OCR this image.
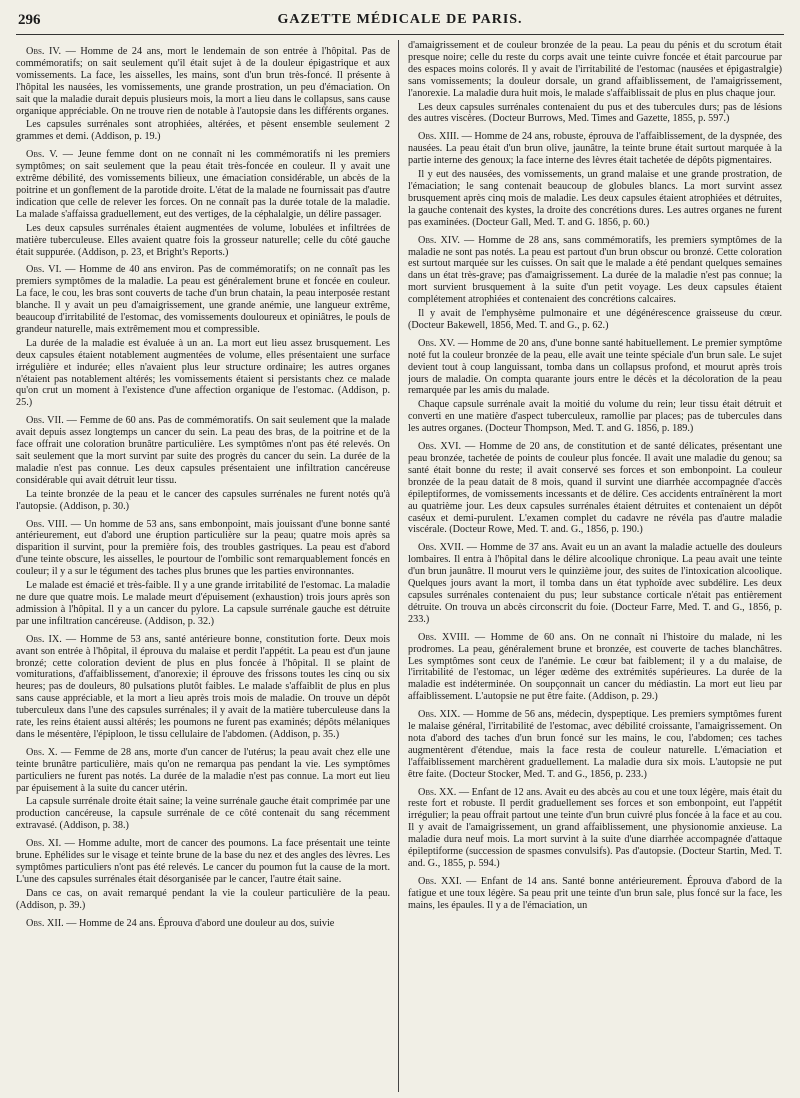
296	GAZETTE MÉDICALE DE PARIS.

Obs. IV. — Homme de 24 ans, mort le lendemain de son entrée à l'hôpital. Pas de commémoratifs; on sait seulement qu'il était sujet à de la douleur épigastrique et aux vomissements. La face, les aisselles, les mains, sont d'un brun très-foncé. Il présente à l'hôpital les nausées, les vomissements, une grande prostration, un peu d'émaciation. On sait que la maladie durait depuis plusieurs mois, la mort a lieu dans le collapsus, sans cause organique appréciable. On ne trouve rien de notable à l'autopsie dans les différents organes.

Les capsules surrénales sont atrophiées, altérées, et pèsent ensemble seulement 2 grammes et demi. (Addison, p. 19.)

Obs. V. — Jeune femme dont on ne connaît ni les commémoratifs ni les premiers symptômes; on sait seulement que la peau était très-foncée en couleur. Il y avait une extrême débilité, des vomissements bilieux, une émaciation considérable, un abcès de la poitrine et un gonflement de la parotide droite. L'état de la malade ne fournissait pas d'autre indication que celle de relever les forces. On ne connaît pas la durée totale de la maladie. La malade s'affaissa graduellement, eut des vertiges, de la céphalalgie, un délire passager.

Les deux capsules surrénales étaient augmentées de volume, lobulées et infiltrées de matière tuberculeuse. Elles avaient quatre fois la grosseur naturelle; celle du côté gauche était suppurée. (Addison, p. 23, et Bright's Reports.)

Obs. VI. — Homme de 40 ans environ. Pas de commémoratifs; on ne connaît pas les premiers symptômes de la maladie. La peau est généralement brune et foncée en couleur. La face, le cou, les bras sont couverts de tache d'un brun chatain, la peau interposée restant blanche. Il y avait un peu d'amaigrissement, une grande anémie, une langueur extrême, beaucoup d'irritabilité de l'estomac, des vomissements douloureux et opiniâtres, le pouls de grandeur naturelle, mais extrêmement mou et compressible.

La durée de la maladie est évaluée à un an. La mort eut lieu assez brusquement. Les deux capsules étaient notablement augmentées de volume, elles présentaient une surface irrégulière et indurée; elles n'avaient plus leur structure ordinaire; les autres organes n'étaient pas notablement altérés; les vomissements étaient si persistants chez ce malade qu'on crut un moment à l'existence d'une affection organique de l'estomac. (Addison, p. 25.)

Obs. VII. — Femme de 60 ans. Pas de commémoratifs. On sait seulement que la malade avait depuis assez longtemps un cancer du sein. La peau des bras, de la poitrine et de la face offrait une coloration brunâtre particulière. Les symptômes n'ont pas été relevés. On sait seulement que la mort survint par suite des progrès du cancer du sein. La durée de la maladie n'est pas connue. Les deux capsules présentaient une infiltration cancéreuse considérable qui avait détruit leur tissu.

La teinte bronzée de la peau et le cancer des capsules surrénales ne furent notés qu'à l'autopsie. (Addison, p. 30.)

Obs. VIII. — Un homme de 53 ans, sans embonpoint, mais jouissant d'une bonne santé antérieurement, eut d'abord une éruption particulière sur la peau; quatre mois après sa disparition il survint, pour la première fois, des troubles gastriques. La peau est d'abord d'une teinte obscure, les aisselles, le pourtour de l'ombilic sont remarquablement foncés en couleur; il y a sur le tégument des taches plus brunes que les parties environnantes.

Le malade est émacié et très-faible. Il y a une grande irritabilité de l'estomac. La maladie ne dure que quatre mois. Le malade meurt d'épuisement (exhaustion) trois jours après son admission à l'hôpital. Il y a un cancer du pylore. La capsule surrénale gauche est détruite par une infiltration cancéreuse. (Addison, p. 32.)

Obs. IX. — Homme de 53 ans, santé antérieure bonne, constitution forte. Deux mois avant son entrée à l'hôpital, il éprouva du malaise et perdit l'appétit. La peau est d'un jaune bronzé; cette coloration devient de plus en plus foncée à l'hôpital. Il se plaint de vomiturations, d'affaiblissement, d'anorexie; il éprouve des frissons toutes les cinq ou six heures; pas de douleurs, 80 pulsations plutôt faibles. Le malade s'affaiblit de plus en plus sans cause appréciable, et la mort a lieu après trois mois de maladie. On trouve un dépôt tuberculeux dans l'une des capsules surrénales; il y avait de la matière tuberculeuse dans la rate, les reins étaient aussi altérés; les poumons ne furent pas examinés; dépôts mélaniques dans le mésentère, l'épiploon, le tissu cellulaire de l'abdomen. (Addison, p. 35.)

Obs. X. — Femme de 28 ans, morte d'un cancer de l'utérus; la peau avait chez elle une teinte brunâtre particulière, mais qu'on ne remarqua pas pendant la vie. Les symptômes particuliers ne furent pas notés. La durée de la maladie n'est pas connue. La mort eut lieu par épuisement à la suite du cancer utérin.

La capsule surrénale droite était saine; la veine surrénale gauche était comprimée par une production cancéreuse, la capsule surrénale de ce côté contenait du sang récemment extravasé. (Addison, p. 38.)

Obs. XI. — Homme adulte, mort de cancer des poumons. La face présentait une teinte brune. Ephélides sur le visage et teinte brune de la base du nez et des angles des lèvres. Les symptômes particuliers n'ont pas été relevés. Le cancer du poumon fut la cause de la mort. L'une des capsules surrénales était désorganisée par le cancer, l'autre était saine.

Dans ce cas, on avait remarqué pendant la vie la couleur particulière de la peau. (Addison, p. 39.)

Obs. XII. — Homme de 24 ans. Éprouva d'abord une douleur au dos, suivie

d'amaigrissement et de couleur bronzée de la peau. La peau du pénis et du scrotum était presque noire; celle du reste du corps avait une teinte cuivre foncée et était parcourue par des espaces moins colorés. Il y avait de l'irritabilité de l'estomac (nausées et épigastralgie) sans vomissements; la douleur dorsale, un grand affaiblissement, de l'amaigrissement, l'anorexie. La maladie dura huit mois, le malade s'affaiblissait de plus en plus chaque jour.

Les deux capsules surrénales contenaient du pus et des tubercules durs; pas de lésions des autres viscères. (Docteur Burrows, Med. Times and Gazette, 1855, p. 597.)

Obs. XIII. — Homme de 24 ans, robuste, éprouva de l'affaiblissement, de la dyspnée, des nausées. La peau était d'un brun olive, jaunâtre, la teinte brune était surtout marquée à la partie interne des genoux; la face interne des lèvres était tachetée de dépôts pigmentaires.

Il y eut des nausées, des vomissements, un grand malaise et une grande prostration, de l'émaciation; le sang contenait beaucoup de globules blancs. La mort survint assez brusquement après cinq mois de maladie. Les deux capsules étaient atrophiées et détruites, la gauche contenait des kystes, la droite des concrétions dures. Les autres organes ne furent pas examinées. (Docteur Gall, Med. T. and G. 1856, p. 60.)

Obs. XIV. — Homme de 28 ans, sans commémoratifs, les premiers symptômes de la maladie ne sont pas notés. La peau est partout d'un brun obscur ou bronzé. Cette coloration est surtout marquée sur les cuisses. On sait que le malade a été pendant quelques semaines dans un état très-grave; pas d'amaigrissement. La durée de la maladie n'est pas connue; la mort survient brusquement à la suite d'un petit voyage. Les deux capsules étaient complétement atrophiées et contenaient des concrétions calcaires.

Il y avait de l'emphysème pulmonaire et une dégénérescence graisseuse du cœur. (Docteur Bakewell, 1856, Med. T. and G., p. 62.)

Obs. XV. — Homme de 20 ans, d'une bonne santé habituellement. Le premier symptôme noté fut la couleur bronzée de la peau, elle avait une teinte spéciale d'un brun sale. Le sujet devient tout à coup languissant, tomba dans un collapsus profond, et mourut après trois jours de maladie. On compta quarante jours entre le décès et la décoloration de la peau remarquée par les amis du malade.

Chaque capsule surrénale avait la moitié du volume du rein; leur tissu était détruit et converti en une matière d'aspect tuberculeux, ramollie par places; pas de tubercules dans les autres organes. (Docteur Thompson, Med. T. and G. 1856, p. 189.)

Obs. XVI. — Homme de 20 ans, de constitution et de santé délicates, présentant une peau bronzée, tachetée de points de couleur plus foncée. Il avait une maladie du genou; sa santé était bonne du reste; il avait conservé ses forces et son embonpoint. La couleur bronzée de la peau datait de 8 mois, quand il survint une diarrhée accompagnée d'accès épileptiformes, de vomissements incessants et de délire. Ces accidents entraînèrent la mort au quatrième jour. Les deux capsules surrénales étaient détruites et contenaient un dépôt caséux et demi-purulent. L'examen complet du cadavre ne révéla pas d'autre maladie viscérale. (Docteur Rowe, Med. T. and. G., 1856, p. 190.)

Obs. XVII. — Homme de 37 ans. Avait eu un an avant la maladie actuelle des douleurs lombaires. Il entra à l'hôpital dans le délire alcoolique chronique. La peau avait une teinte d'un brun jaunâtre. Il mourut vers le quinzième jour, des suites de l'intoxication alcoolique. Quelques jours avant la mort, il tomba dans un état typhoïde avec subdélire. Les deux capsules surrénales contenaient du pus; leur substance corticale n'était pas entièrement détruite. On trouva un abcès circonscrit du foie. (Docteur Farre, Med. T. and G., 1856, p. 233.)

Obs. XVIII. — Homme de 60 ans. On ne connaît ni l'histoire du malade, ni les prodromes. La peau, généralement brune et bronzée, est couverte de taches blanchâtres. Les symptômes sont ceux de l'anémie. Le cœur bat faiblement; il y a du malaise, de l'irritabilité de l'estomac, un léger œdème des extrémités supérieures. La durée de la maladie est indéterminée. On soupçonnait un cancer du médiastin. La mort eut lieu par affaiblissement. L'autopsie ne put être faite. (Addison, p. 29.)

Obs. XIX. — Homme de 56 ans, médecin, dyspeptique. Les premiers symptômes furent le malaise général, l'irritabilité de l'estomac, avec débilité croissante, l'amaigrissement. On nota d'abord des taches d'un brun foncé sur les mains, le cou, l'abdomen; ces taches augmentèrent d'étendue, mais la face resta de couleur naturelle. L'émaciation et l'affaiblissement marchèrent graduellement. La maladie dura six mois. L'autopsie ne put être faite. (Docteur Stocker, Med. T. and G., 1856, p. 233.)

Obs. XX. — Enfant de 12 ans. Avait eu des abcès au cou et une toux légère, mais était du reste fort et robuste. Il perdit graduellement ses forces et son embonpoint, eut l'appétit irrégulier; la peau offrait partout une teinte d'un brun cuivré plus foncée à la face et au cou. Il y avait de l'amaigrissement, un grand affaiblissement, une physionomie anxieuse. La maladie dura neuf mois. La mort survint à la suite d'une diarrhée accompagnée d'attaque épileptiforme (succession de spasmes convulsifs). Pas d'autopsie. (Docteur Startin, Med. T. and. G., 1855, p. 594.)

Obs. XXI. — Enfant de 14 ans. Santé bonne antérieurement. Éprouva d'abord de la fatigue et une toux légère. Sa peau prit une teinte d'un brun sale, plus foncé sur la face, les mains, les épaules. Il y a de l'émaciation, un
